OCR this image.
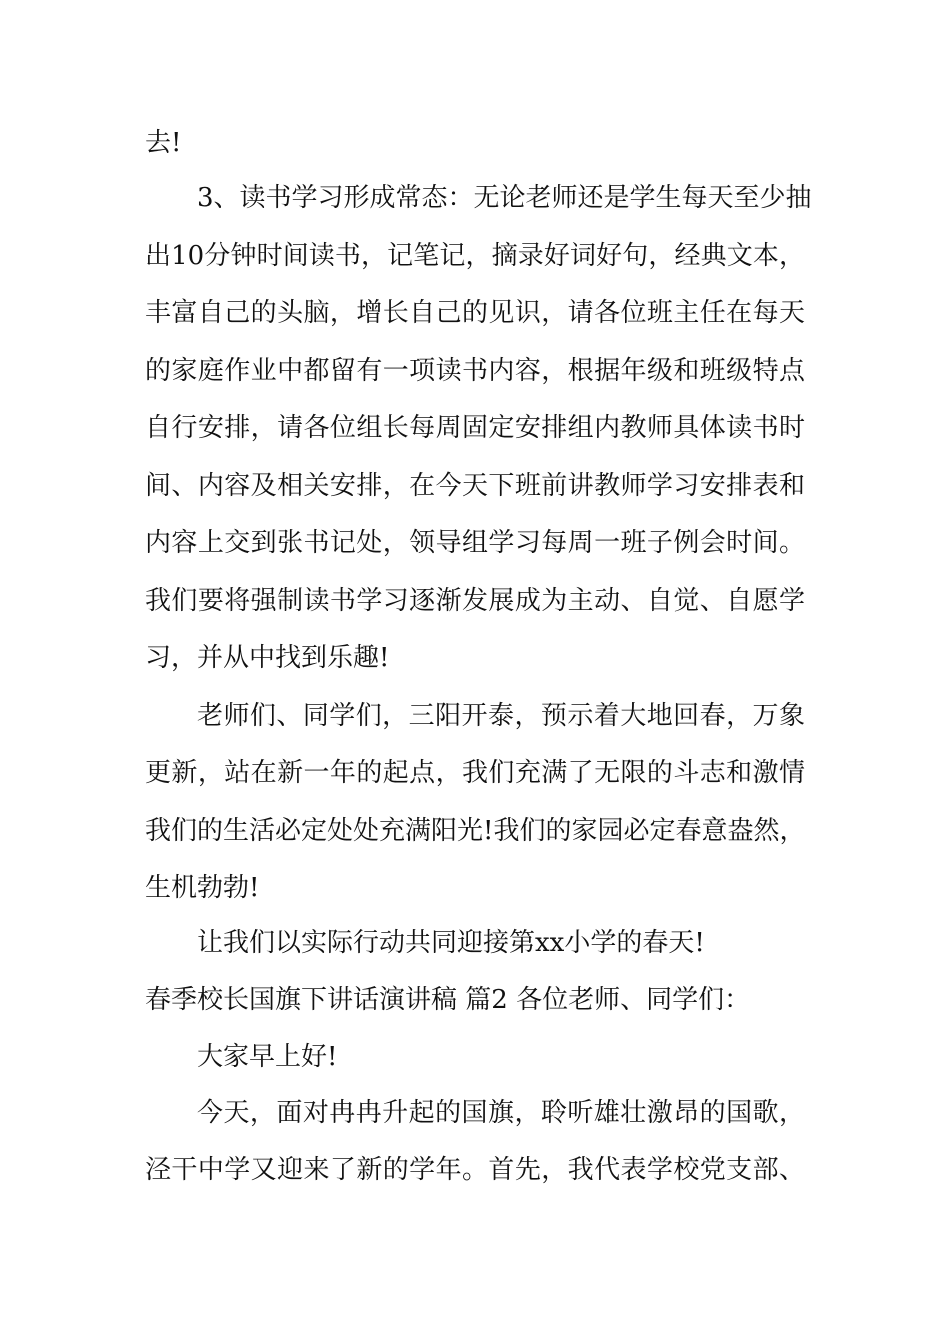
去!
3、读书学习形成常态：无论老师还是学生每天至少抽
出10分钟时间读书，记笔记，摘录好词好句，经典文本，
丰富自己的头脑，增长自己的见识，请各位班主任在每天
的家庭作业中都留有一项读书内容，根据年级和班级特点
自行安排，请各位组长每周固定安排组内教师具体读书时
间、内容及相关安排，在今天下班前讲教师学习安排表和
内容上交到张书记处，领导组学习每周一班子例会时间。
我们要将强制读书学习逐渐发展成为主动、自觉、自愿学
习，并从中找到乐趣!
老师们、同学们，三阳开泰，预示着大地回春，万象
更新，站在新一年的起点，我们充满了无限的斗志和激情
我们的生活必定处处充满阳光!我们的家园必定春意盎然，
生机勃勃!
让我们以实际行动共同迎接第xx小学的春天!
春季校长国旗下讲话演讲稿 篇2 各位老师、同学们：
大家早上好!
今天，面对冉冉升起的国旗，聆听雄壮激昂的国歌，
泾干中学又迎来了新的学年。首先，我代表学校党支部、
